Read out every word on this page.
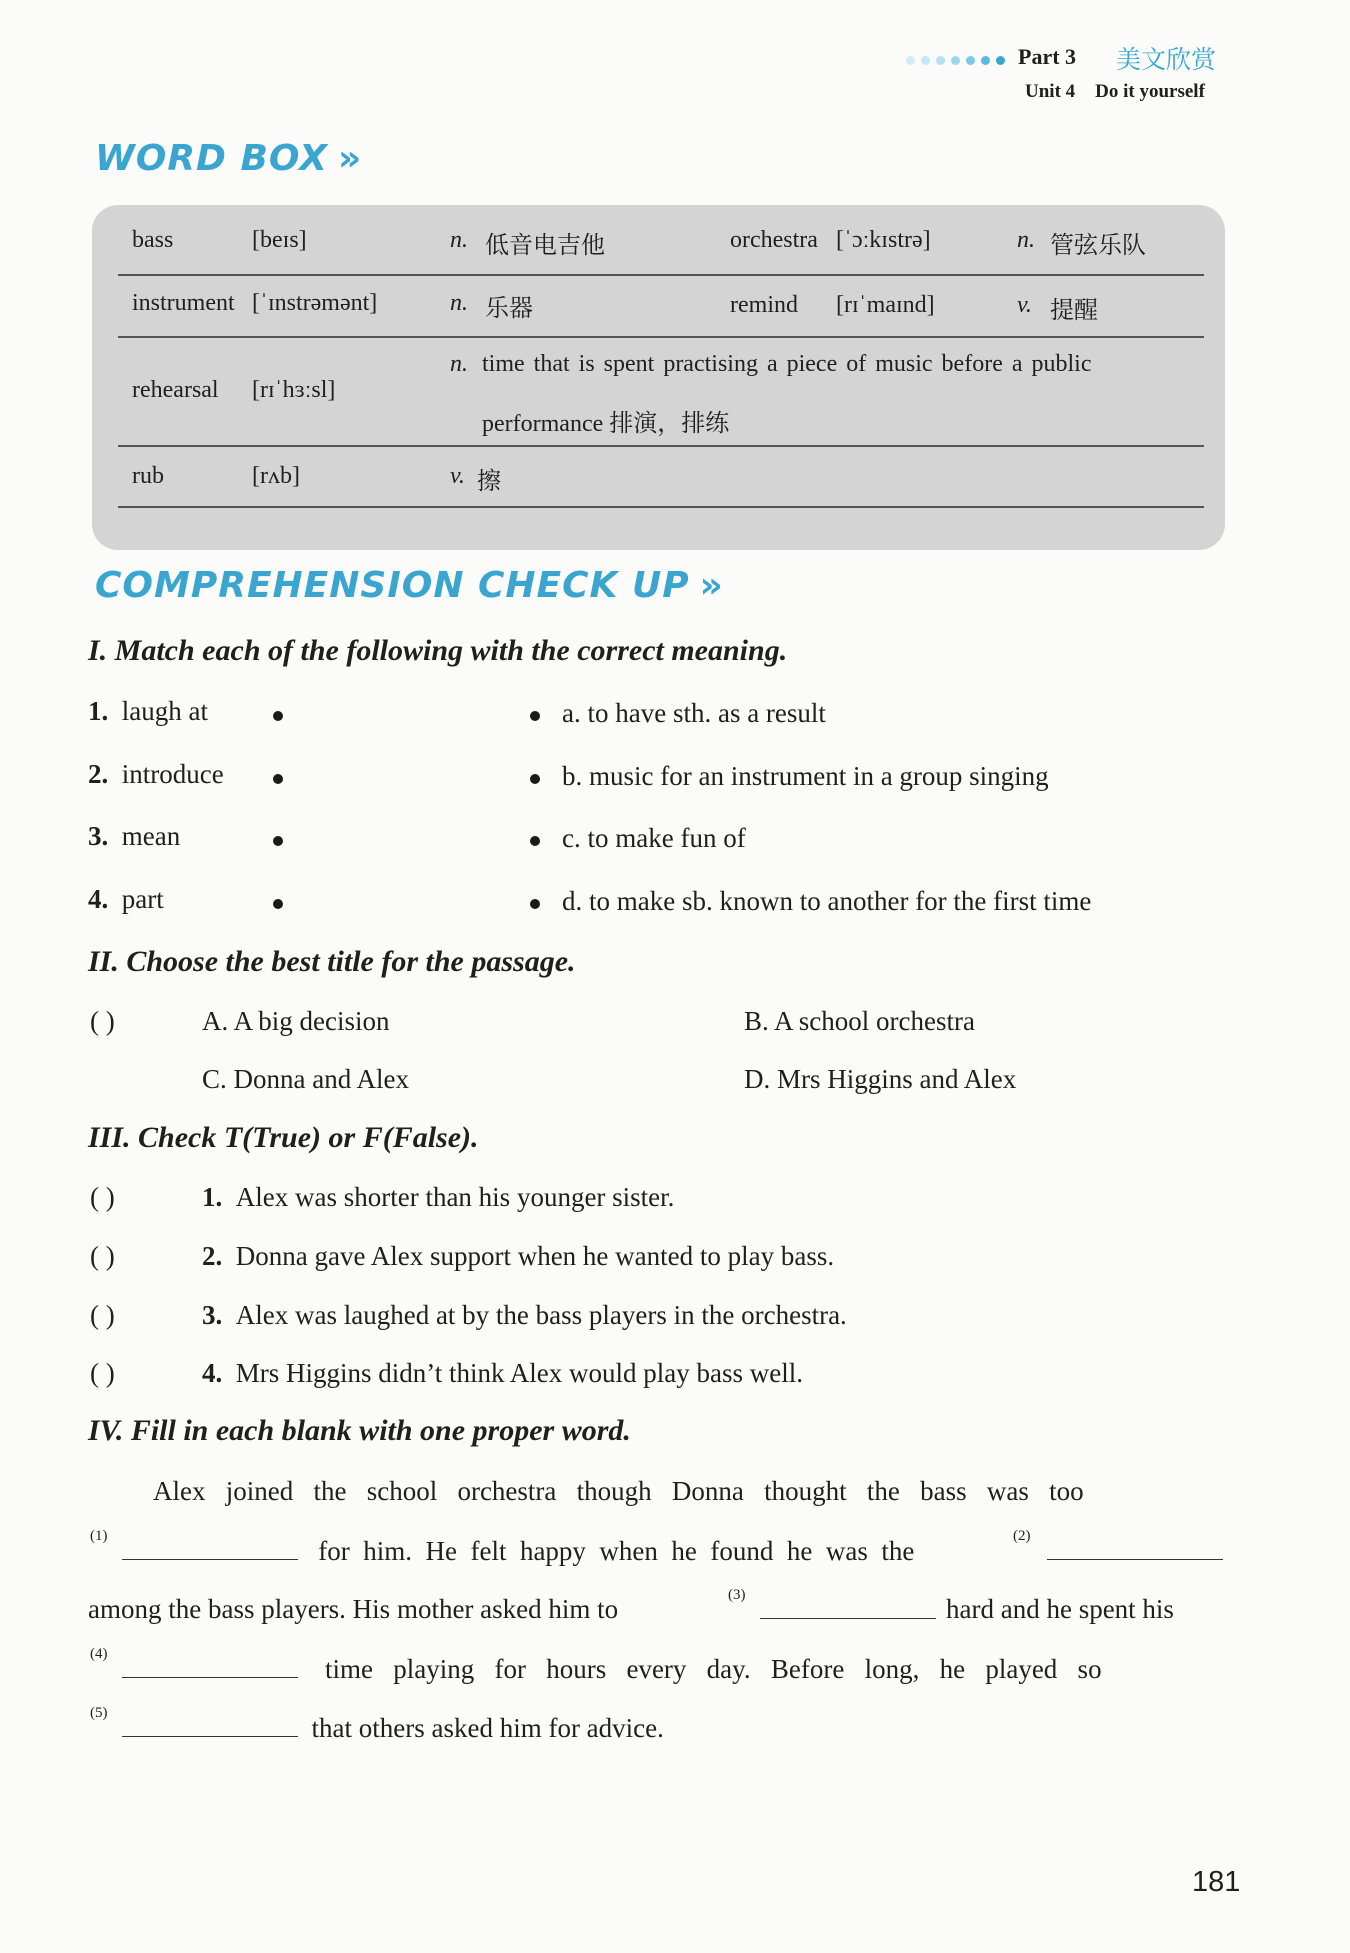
Part 3 美文欣赏
Unit 4 Do it yourself
WORD BOX »
bass	[beɪs]	n. 低音电吉他	orchestra [ˈɔːkɪstrə]	n. 管弦乐队
instrument [ˈɪnstrəmənt]	n. 乐器	remind [rɪˈmaɪnd]	v. 提醒
rehearsal [rɪˈhɜːsl]
n. time that is spent practising a piece of music before a public
performance 排演，排练
rub	[rʌb]	v. 擦
COMPREHENSION CHECK UP »
I. Match each of the following with the correct meaning.
1. laugh at
2. introduce
3. mean
4. part
a. to have sth. as a result
b. music for an instrument in a group singing
c. to make fun of
d. to make sb. known to another for the first time
II. Choose the best title for the passage.
( )	A. A big decision	B. A school orchestra
C. Donna and Alex	D. Mrs Higgins and Alex
III. Check T(True) or F(False).
( )	1. Alex was shorter than his younger sister.
( )	2. Donna gave Alex support when he wanted to play bass.
( )	3. Alex was laughed at by the bass players in the orchestra.
( )	4. Mrs Higgins didn’t think Alex would play bass well.
IV. Fill in each blank with one proper word.
Alex   joined   the   school   orchestra   though   Donna   thought   the   bass   was   too
(1)	for  him.  He  felt  happy  when  he  found  he  was  the	(2)
among the bass players. His mother asked him to	(3)	hard and he spent his
(4)	time   playing   for   hours   every   day.   Before   long,   he   played   so
(5)	that others asked him for advice.
181
